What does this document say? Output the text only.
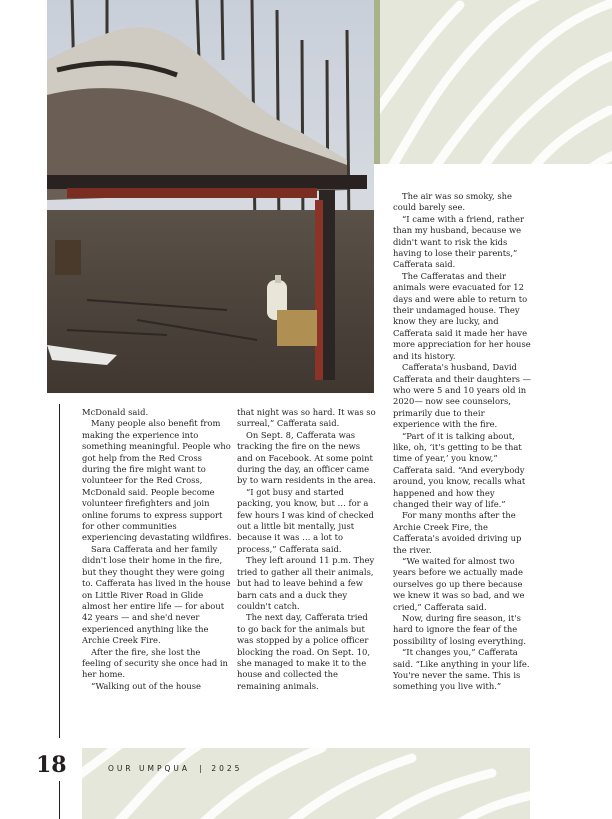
McDonald said.

Many people also benefit from making the experience into something meaningful. People who got help from the Red Cross during the fire might want to volunteer for the Red Cross, McDonald said. People become volunteer firefighters and join online forums to express support for other communities experiencing devastating wildfires.

Sara Cafferata and her family didn't lose their home in the fire, but they thought they were going to. Cafferata has lived in the house on Little River Road in Glide almost her entire life — for about 42 years — and she'd never experienced anything like the Archie Creek Fire.

After the fire, she lost the feeling of security she once had in her home.

“Walking out of the house

that night was so hard. It was so surreal,” Cafferata said.

On Sept. 8, Cafferata was tracking the fire on the news and on Facebook. At some point during the day, an officer came by to warn residents in the area.

“I got busy and started packing, you know, but … for a few hours I was kind of checked out a little bit mentally, just because it was … a lot to process,” Cafferata said.

They left around 11 p.m. They tried to gather all their animals, but had to leave behind a few barn cats and a duck they couldn't catch.

The next day, Cafferata tried to go back for the animals but was stopped by a police officer blocking the road. On Sept. 10, she managed to make it to the house and collected the remaining animals.

The air was so smoky, she could barely see.

“I came with a friend, rather than my husband, because we didn't want to risk the kids having to lose their parents,” Cafferata said.

The Cafferatas and their animals were evacuated for 12 days and were able to return to their undamaged house. They know they are lucky, and Cafferata said it made her have more appreciation for her house and its history.

Cafferata's husband, David Cafferata and their daughters — who were 5 and 10 years old in 2020— now see counselors, primarily due to their experience with the fire.

“Part of it is talking about, like, oh, ‘it's getting to be that time of year,’ you know,” Cafferata said. “And everybody around, you know, recalls what happened and how they changed their way of life.”

For many months after the Archie Creek Fire, the Cafferata's avoided driving up the river.

“We waited for almost two years before we actually made ourselves go up there because we knew it was so bad, and we cried,” Cafferata said.

Now, during fire season, it's hard to ignore the fear of the possibility of losing everything.

“It changes you,” Cafferata said. “Like anything in your life. You're never the same. This is something you live with.”

18	OUR UMPQUA | 2025
